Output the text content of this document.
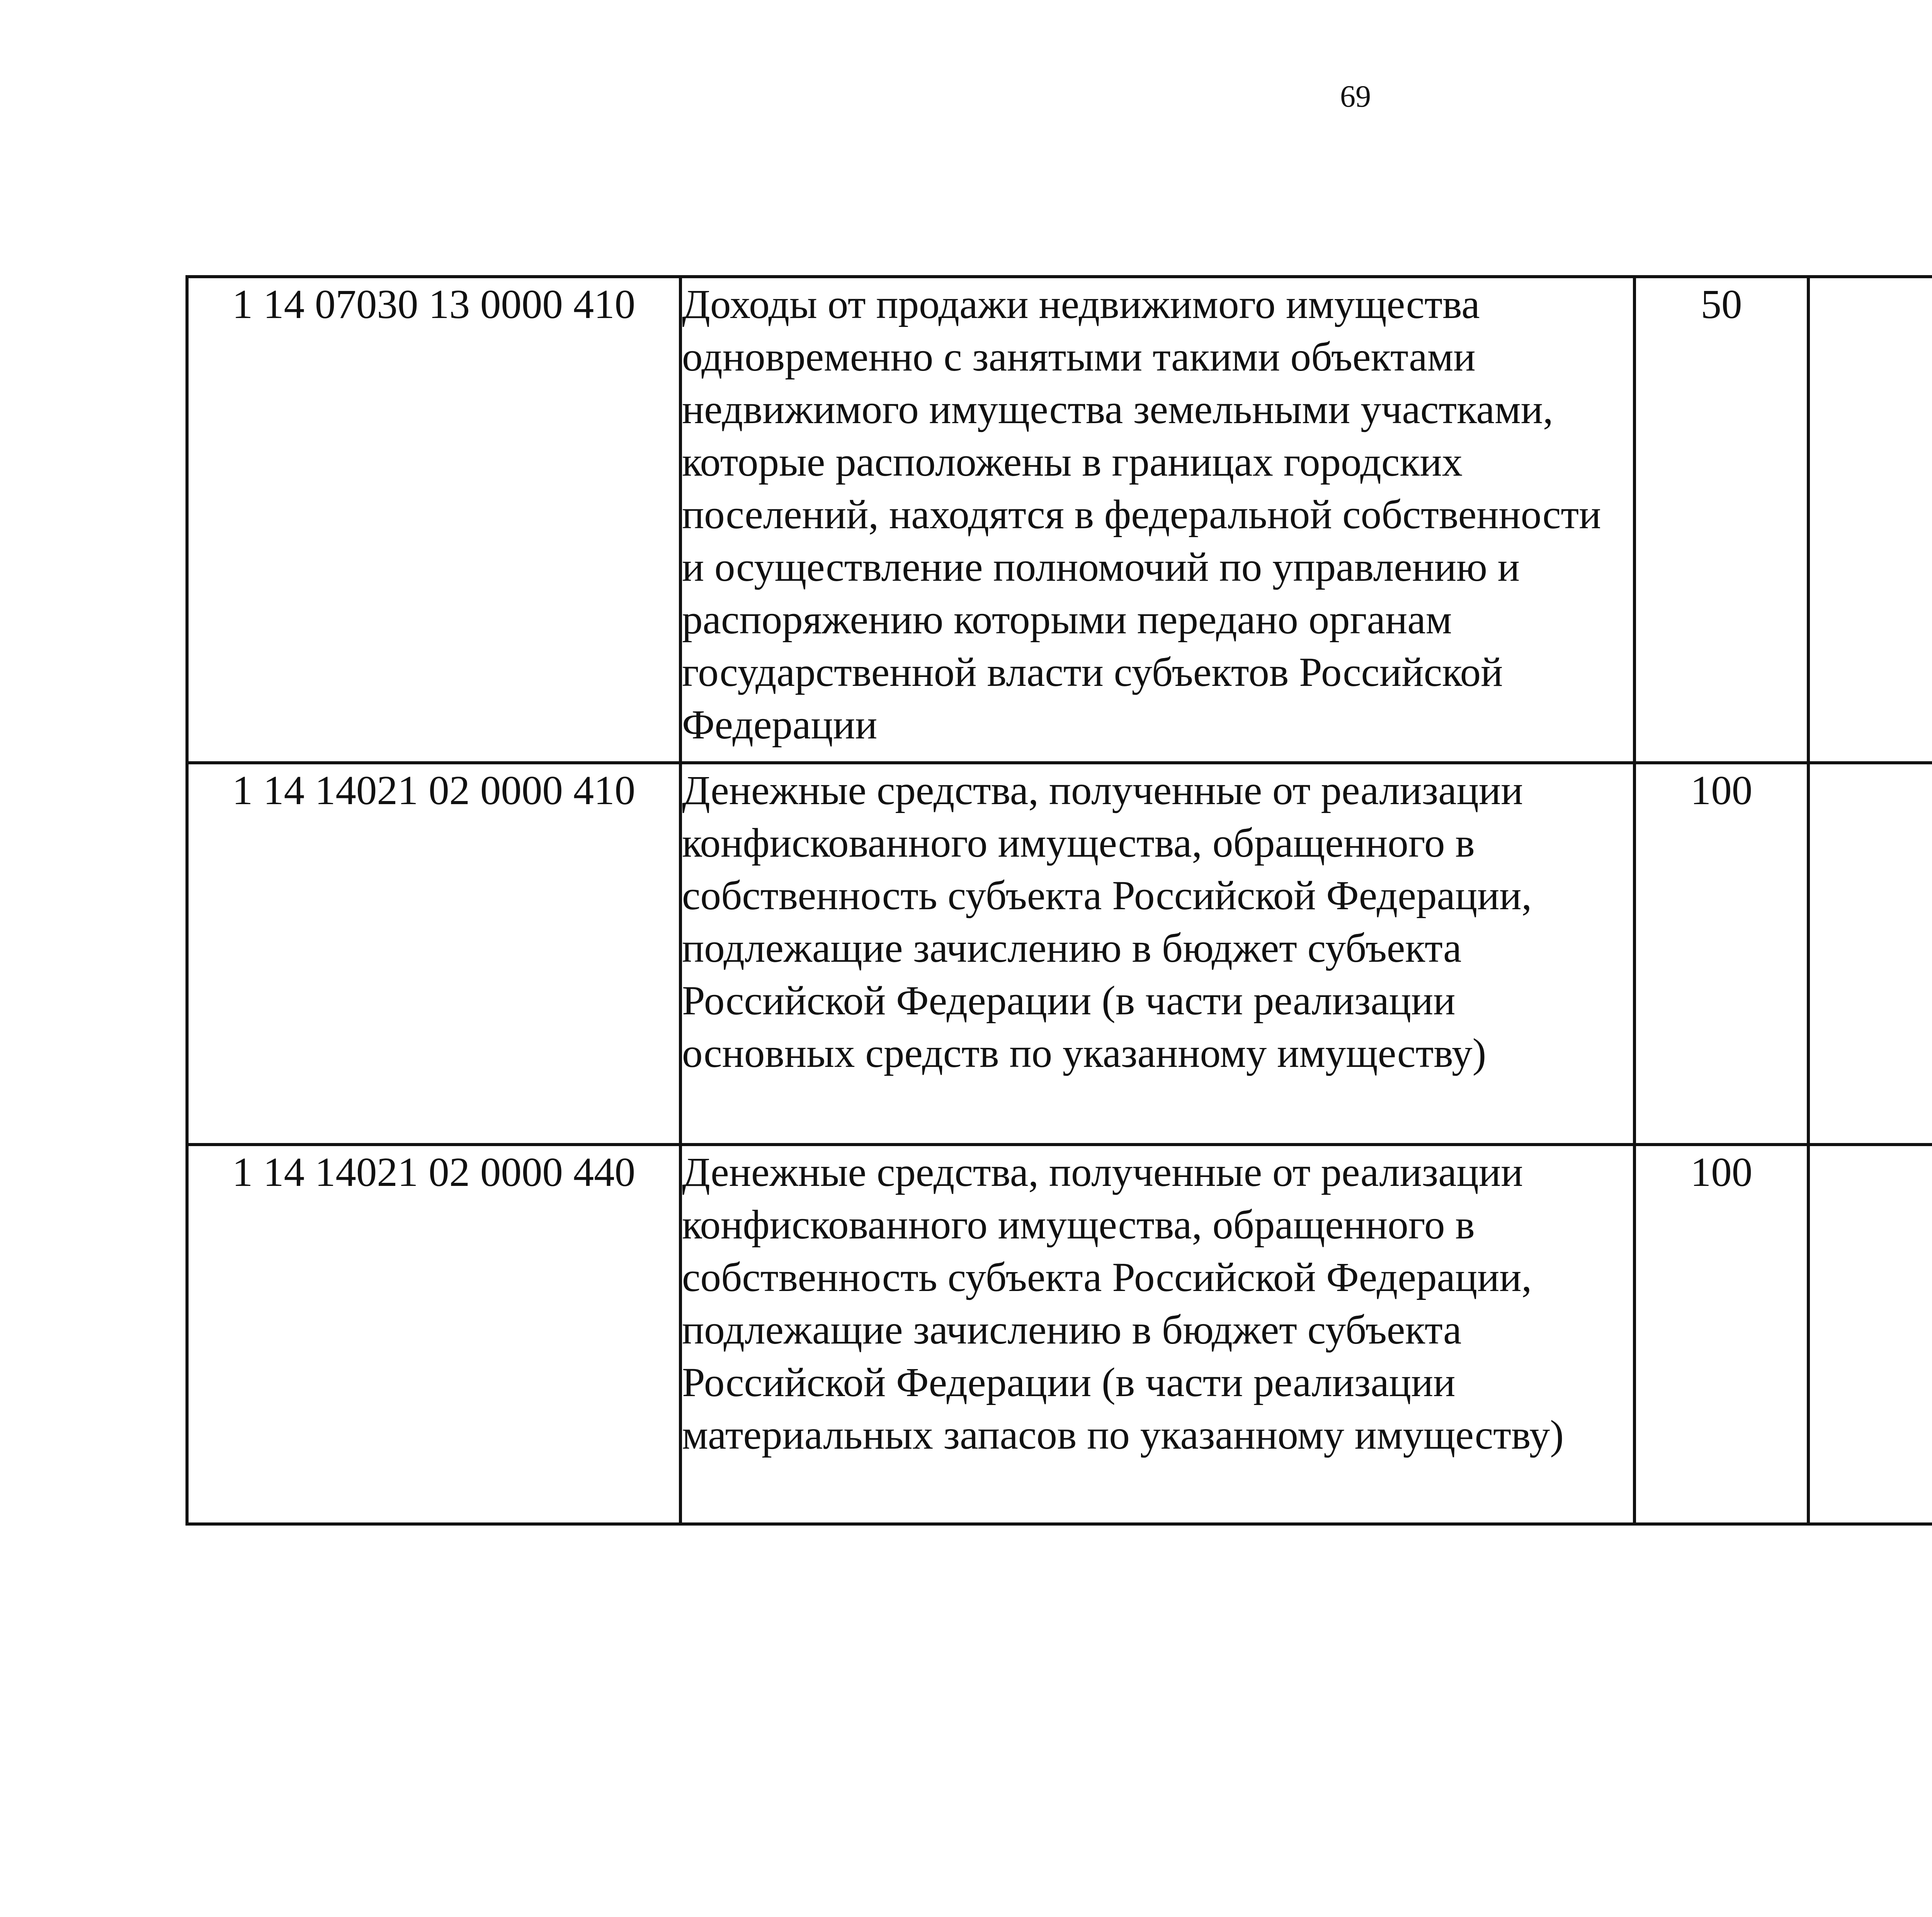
69
1 14 07030 13 0000 410	Доходы от продажи недвижимого имущества одновременно с занятыми такими объектами недвижимого имущества земельными участками, которые расположены в границах городских поселений, находятся в федеральной собственности и осуществление полномочий по управлению и распоряжению которыми передано органам государственной власти субъектов Российской Федерации	50				
1 14 14021 02 0000 410	Денежные средства, полученные от реализации конфискованного имущества, обращенного в собственность субъекта Российской Федерации, подлежащие зачислению в бюджет субъекта Российской Федерации (в части реализации основных средств по указанному имуществу)	100				
1 14 14021 02 0000 440	Денежные средства, полученные от реализации конфискованного имущества, обращенного в собственность субъекта Российской Федерации, подлежащие зачислению в бюджет субъекта Российской Федерации (в части реализации материальных запасов по указанному имуществу)	100				
